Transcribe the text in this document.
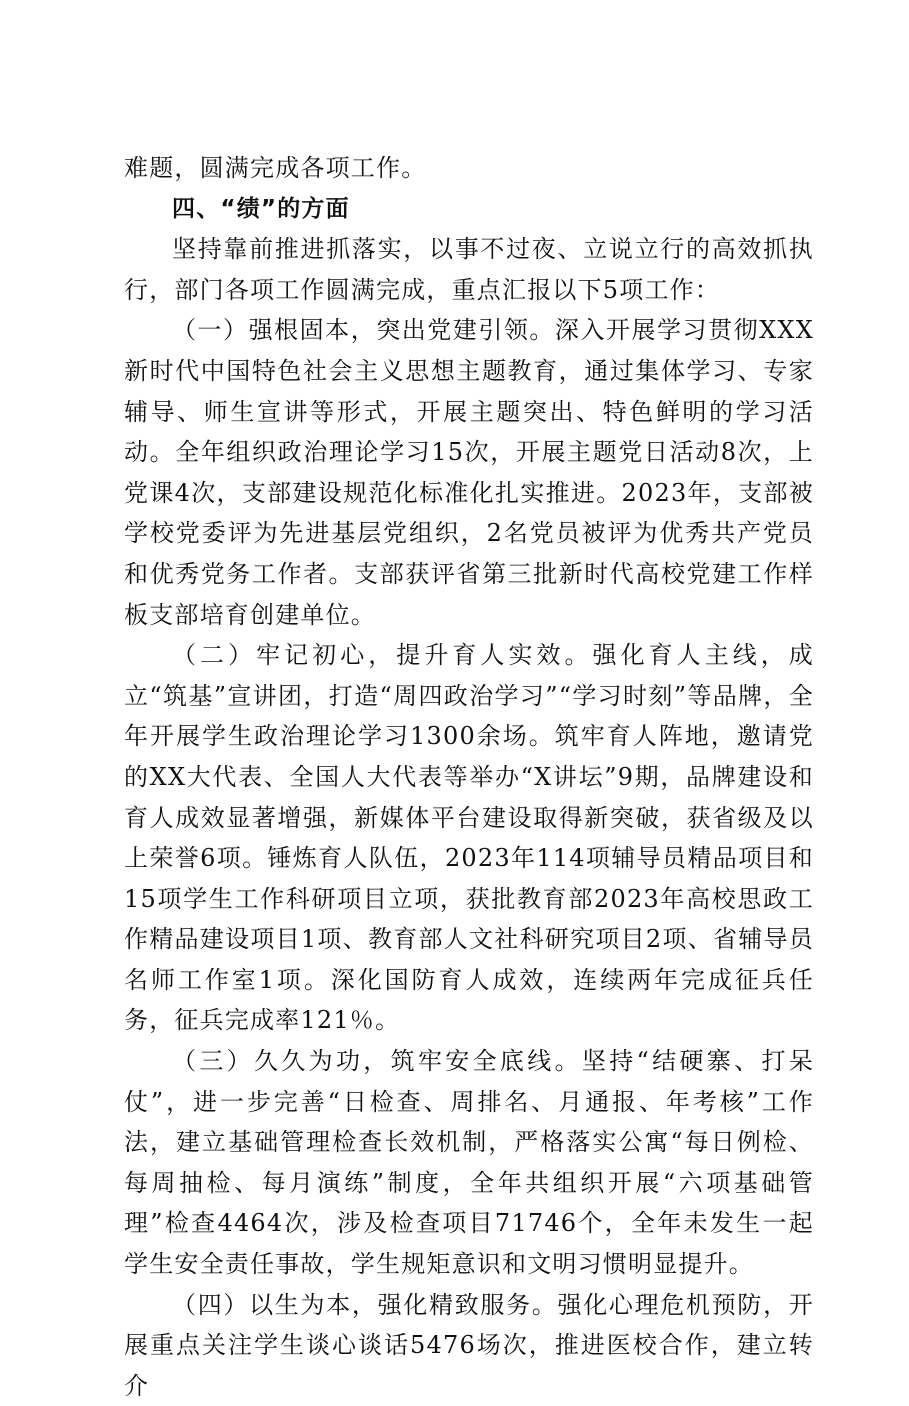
难题，圆满完成各项工作。

四、“绩”的方面

坚持靠前推进抓落实，以事不过夜、立说立行的高效抓执行，部门各项工作圆满完成，重点汇报以下5项工作：

（一）强根固本，突出党建引领。深入开展学习贯彻XXX新时代中国特色社会主义思想主题教育，通过集体学习、专家辅导、师生宣讲等形式，开展主题突出、特色鲜明的学习活动。全年组织政治理论学习15次，开展主题党日活动8次，上党课4次，支部建设规范化标准化扎实推进。2023年，支部被学校党委评为先进基层党组织，2名党员被评为优秀共产党员和优秀党务工作者。支部获评省第三批新时代高校党建工作样板支部培育创建单位。

（二）牢记初心，提升育人实效。强化育人主线，成立“筑基”宣讲团，打造“周四政治学习”“学习时刻”等品牌，全年开展学生政治理论学习1300余场。筑牢育人阵地，邀请党的XX大代表、全国人大代表等举办“X讲坛”9期，品牌建设和育人成效显著增强，新媒体平台建设取得新突破，获省级及以上荣誉6项。锤炼育人队伍，2023年114项辅导员精品项目和15项学生工作科研项目立项，获批教育部2023年高校思政工作精品建设项目1项、教育部人文社科研究项目2项、省辅导员名师工作室1项。深化国防育人成效，连续两年完成征兵任务，征兵完成率121％。

（三）久久为功，筑牢安全底线。坚持“结硬寨、打呆仗”，进一步完善“日检查、周排名、月通报、年考核”工作法，建立基础管理检查长效机制，严格落实公寓“每日例检、每周抽检、每月演练”制度，全年共组织开展“六项基础管理”检查4464次，涉及检查项目71746个，全年未发生一起学生安全责任事故，学生规矩意识和文明习惯明显提升。

（四）以生为本，强化精致服务。强化心理危机预防，开展重点关注学生谈心谈话5476场次，推进医校合作，建立转介
